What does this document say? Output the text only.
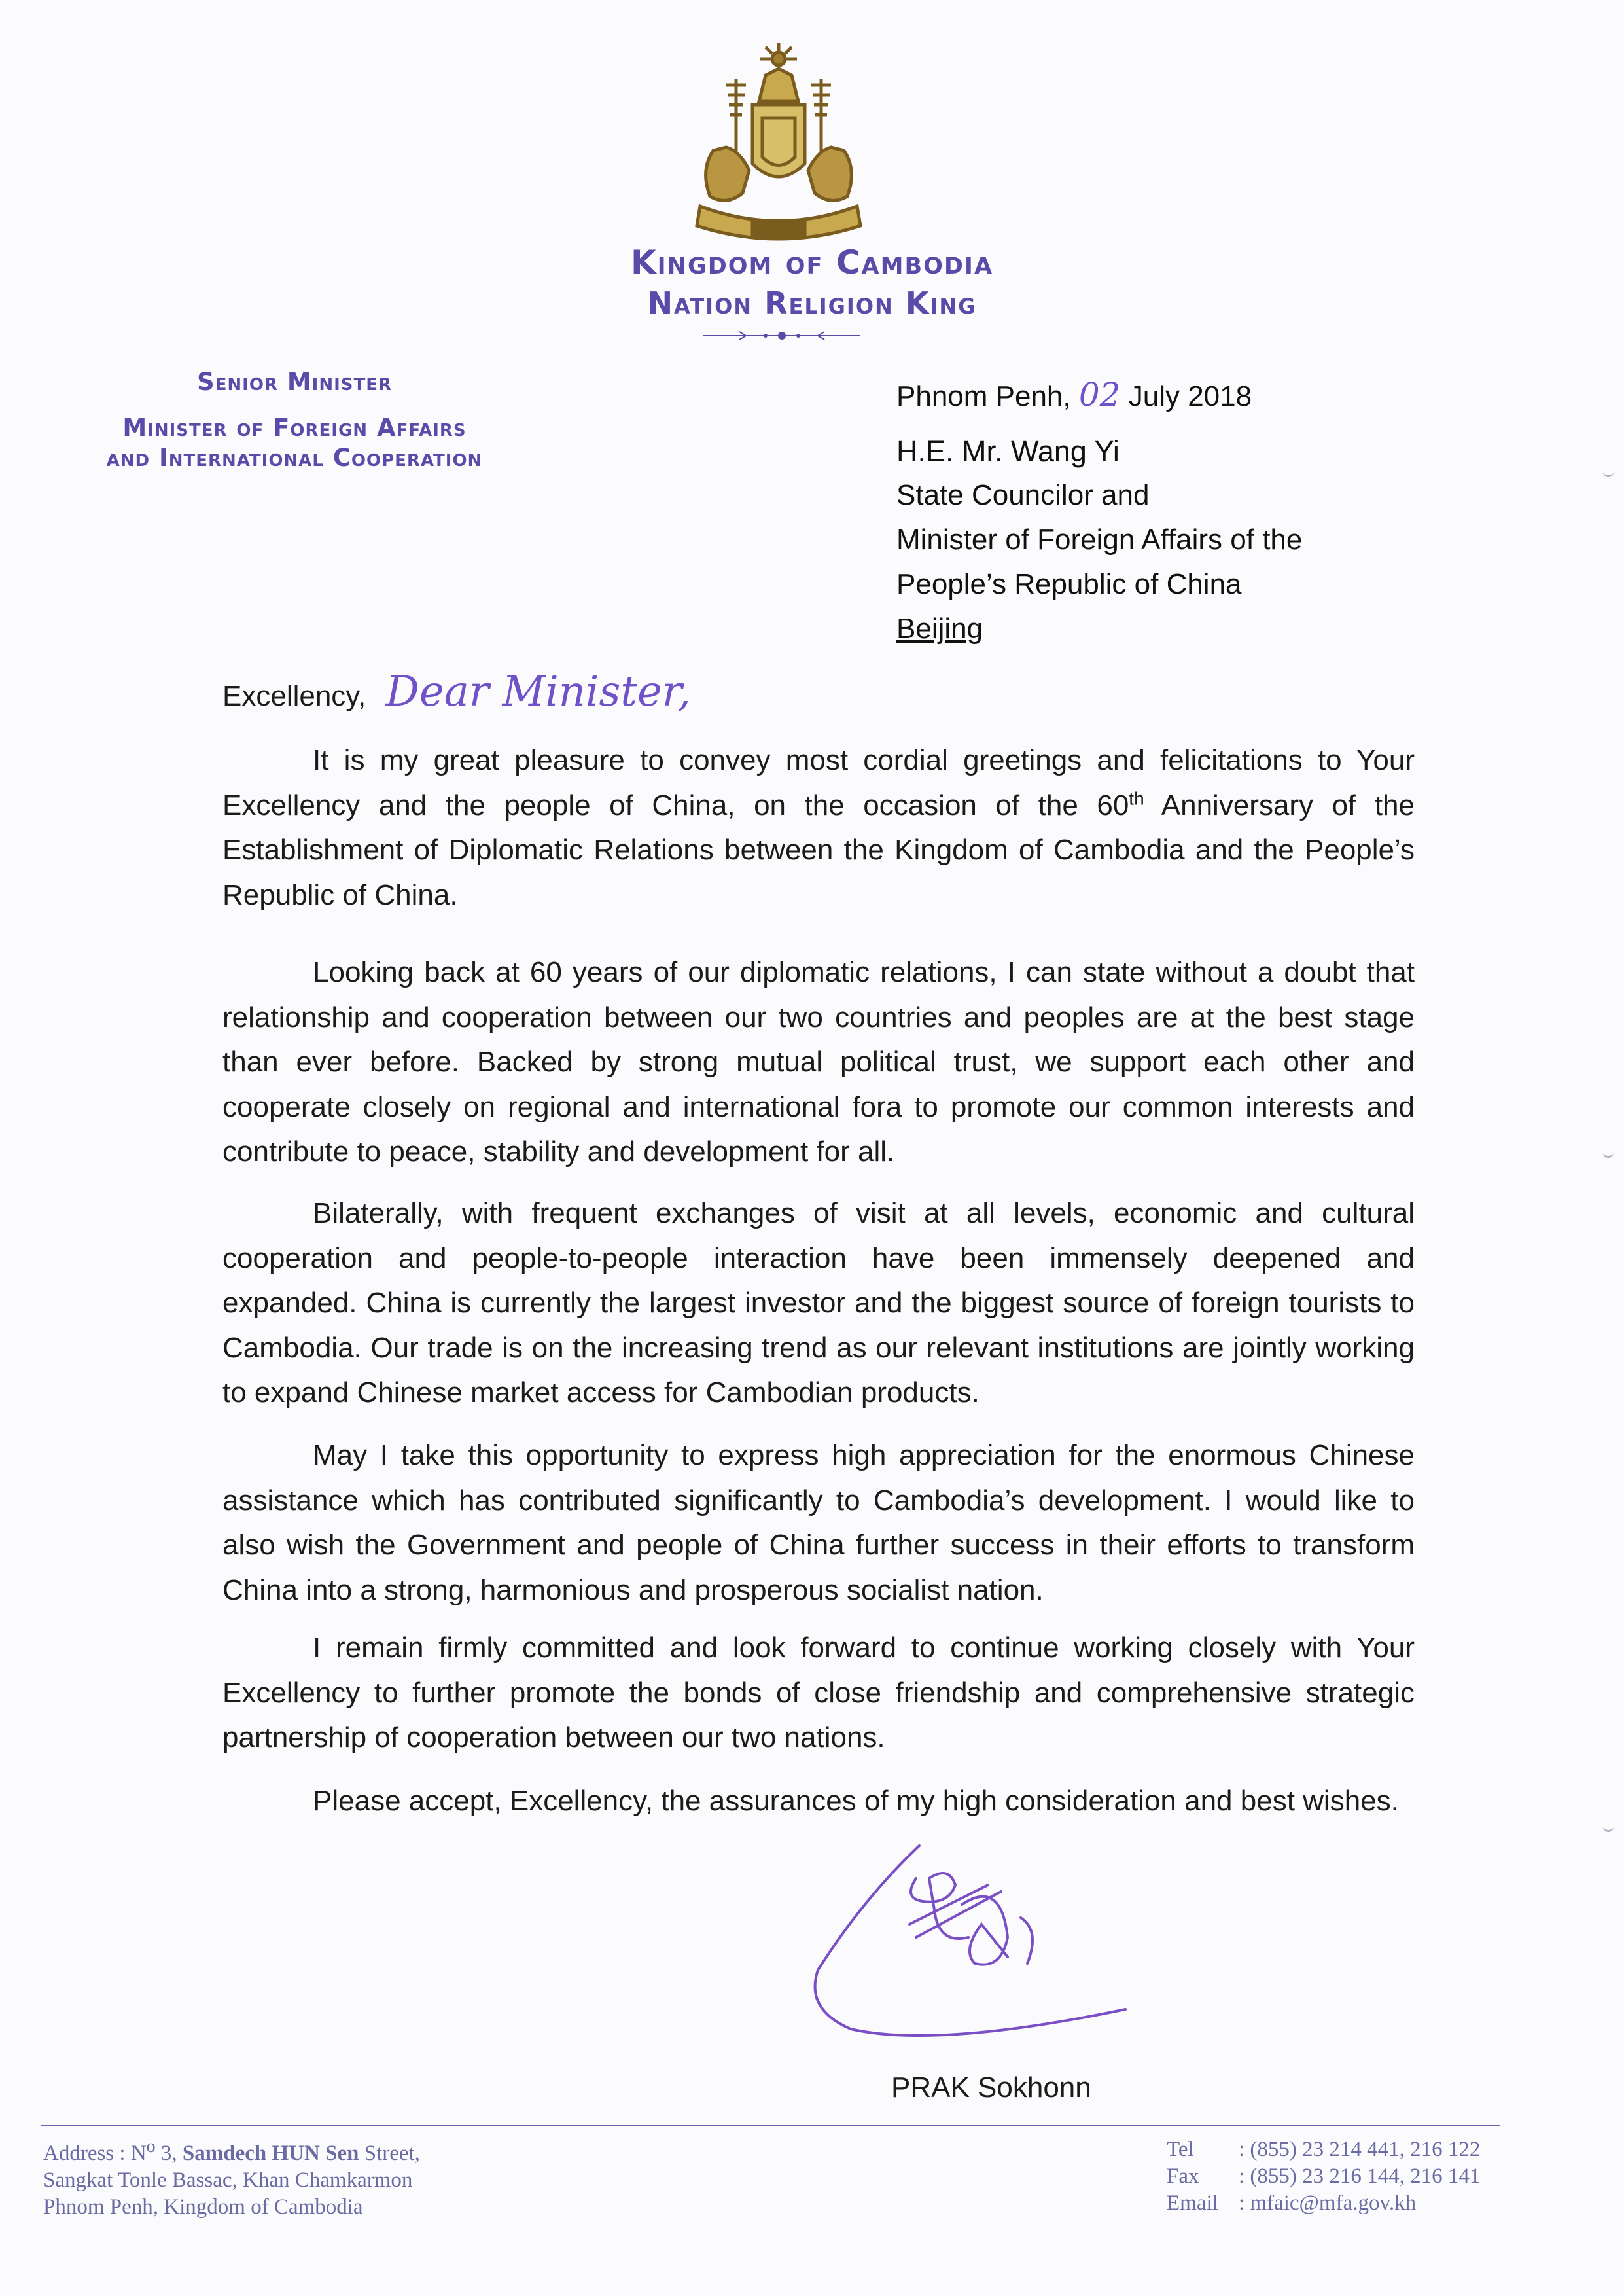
Kingdom of Cambodia
Nation Religion King
Senior Minister
Minister of Foreign Affairs
and International Cooperation
Phnom Penh, 02 July 2018
H.E. Mr. Wang Yi
State Councilor and
Minister of Foreign Affairs of the
People’s Republic of China
Beijing
Excellency, Dear Minister,

It is my great pleasure to convey most cordial greetings and felicitations to Your Excellency and the people of China, on the occasion of the 60th Anniversary of the Establishment of Diplomatic Relations between the Kingdom of Cambodia and the People’s Republic of China.

Looking back at 60 years of our diplomatic relations, I can state without a doubt that relationship and cooperation between our two countries and peoples are at the best stage than ever before. Backed by strong mutual political trust, we support each other and cooperate closely on regional and international fora to promote our common interests and contribute to peace, stability and development for all.

Bilaterally, with frequent exchanges of visit at all levels, economic and cultural cooperation and people-to-people interaction have been immensely deepened and expanded. China is currently the largest investor and the biggest source of foreign tourists to Cambodia. Our trade is on the increasing trend as our relevant institutions are jointly working to expand Chinese market access for Cambodian products.

May I take this opportunity to express high appreciation for the enormous Chinese assistance which has contributed significantly to Cambodia’s development. I would like to also wish the Government and people of China further success in their efforts to transform China into a strong, harmonious and prosperous socialist nation.

I remain firmly committed and look forward to continue working closely with Your Excellency to further promote the bonds of close friendship and comprehensive strategic partnership of cooperation between our two nations.

Please accept, Excellency, the assurances of my high consideration and best wishes.

PRAK Sokhonn
Address : $N^o$ 3, Samdech HUN Sen Street,
Sangkat Tonle Bassac, Khan Chamkarmon
Phnom Penh, Kingdom of Cambodia
Tel : (855) 23 214 441, 216 122
Fax : (855) 23 216 144, 216 141
Email : mfaic@mfa.gov.kh
